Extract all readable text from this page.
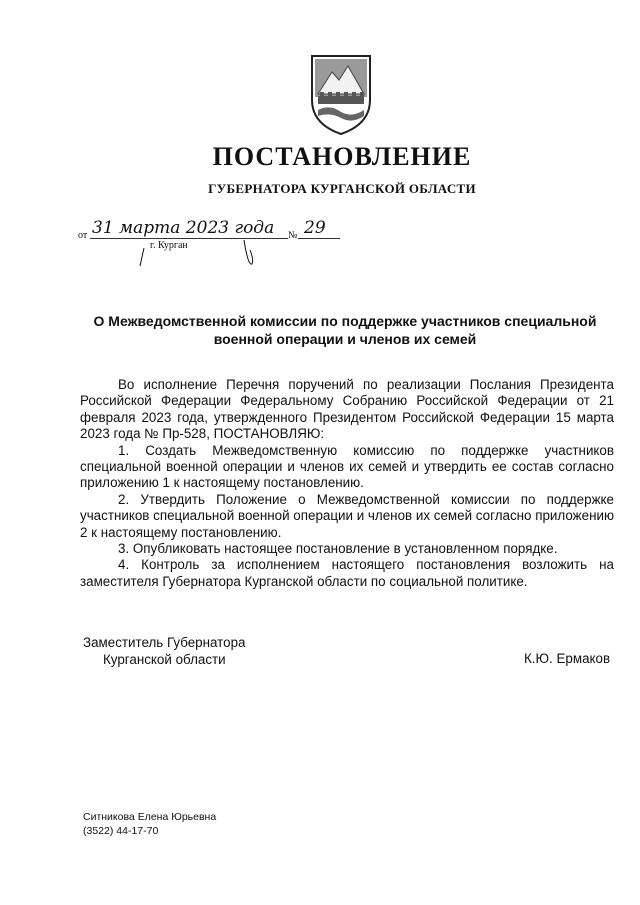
ПОСТАНОВЛЕНИЕ
ГУБЕРНАТОРА КУРГАНСКОЙ ОБЛАСТИ
от 31 марта 2023 года № 29
г. Курган
О Межведомственной комиссии по поддержке участников специальной военной операции и членов их семей

Во исполнение Перечня поручений по реализации Послания Президента Российской Федерации Федеральному Собранию Российской Федерации от 21 февраля 2023 года, утвержденного Президентом Российской Федерации 15 марта 2023 года № Пр-528, ПОСТАНОВЛЯЮ:

1. Создать Межведомственную комиссию по поддержке участников специальной военной операции и членов их семей и утвердить ее состав согласно приложению 1 к настоящему постановлению.

2. Утвердить Положение о Межведомственной комиссии по поддержке участников специальной военной операции и членов их семей согласно приложению 2 к настоящему постановлению.

3. Опубликовать настоящее постановление в установленном порядке.

4. Контроль за исполнением настоящего постановления возложить на заместителя Губернатора Курганской области по социальной политике.

Заместитель Губернатора
Курганской области	К.Ю. Ермаков
Ситникова Елена Юрьевна
(3522) 44-17-70
